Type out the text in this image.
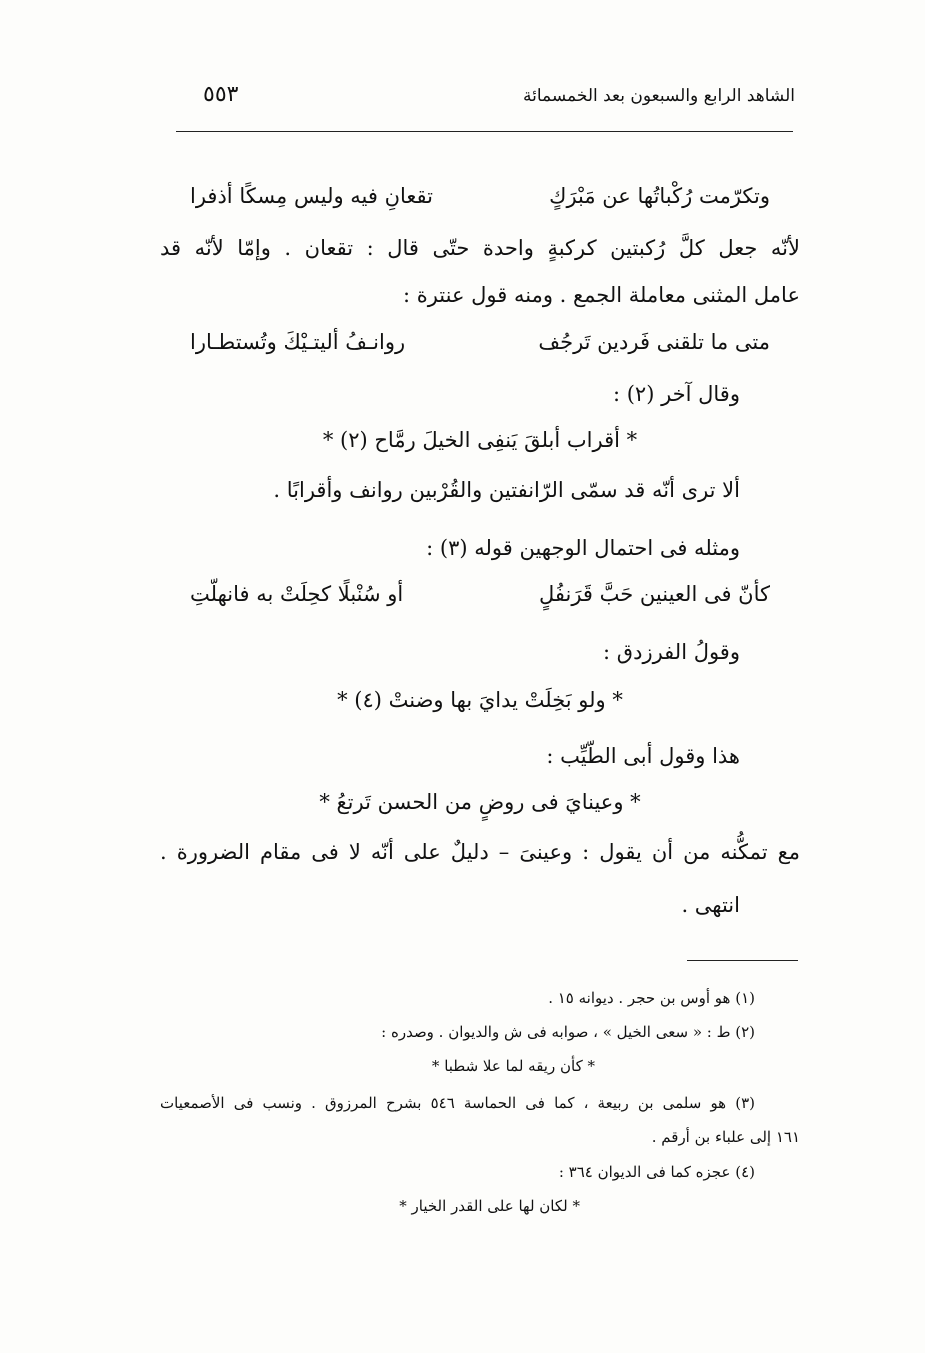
الشاهد الرابع والسبعون بعد الخمسمائة
٥٥٣
وتكرّمت رُكْباتُها عن مَبْرَكٍ
تقعانِ فيه وليس مِسكًا أذفرا
لأنّه جعل كلَّ رُكبتين كركبةٍ واحدة حتّى قال : تقعان . وإمّا لأنّه قد
عامل المثنى معاملة الجمع . ومنه قول عنترة :
متى ما تلقنى فَردين تَرجُف
روانـفُ أليتـيْكَ وتُستطـارا
وقال آخر (٢) :
* أقراب أبلقَ يَنفِى الخيلَ رمَّاح (٢) *
ألا ترى أنّه قد سمّى الرّانفتين والقُرْبين روانف وأقرابًا .
ومثله فى احتمال الوجهين قوله (٣) :
كأنّ فى العينين حَبَّ قَرَنفُلٍ
أو سُنْبلًا كحِلَتْ به فانهلّتِ
وقولُ الفرزدق :
* ولو بَخِلَتْ يدايَ بها وضنتْ (٤) *
هذا وقول أبى الطّيِّب :
* وعينايَ فى روضٍ من الحسن تَرتعُ *
مع تمكُّنه من أن يقول : وعينىَ – دليلٌ على أنّه لا فى مقام الضرورة .
انتهى .
(١) هو أوس بن حجر . ديوانه ١٥ .
(٢) ط : « سعى الخيل » ، صوابه فى ش والديوان . وصدره :
* كأن ريقه لما علا شطبا *
(٣) هو سلمى بن ربيعة ، كما فى الحماسة ٥٤٦ بشرح المرزوق . ونسب فى الأصمعيات
١٦١ إلى علباء بن أرقم .
(٤) عجزه كما فى الديوان ٣٦٤ :
* لكان لها على القدر الخيار *
